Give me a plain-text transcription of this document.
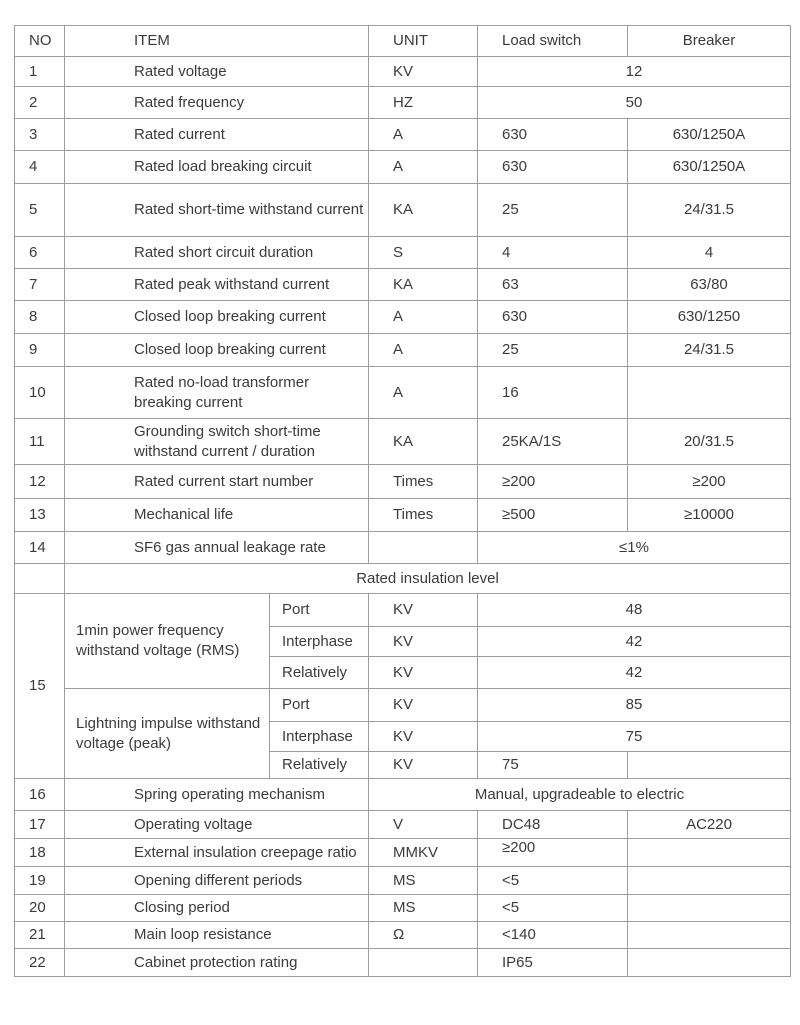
NO	ITEM		UNIT	Load switch	Breaker
1	Rated voltage		KV	12	
2	Rated frequency		HZ	50	
3	Rated current		A	630	630/1250A
4	Rated load breaking circuit		A	630	630/1250A
5	Rated short-time withstand current		KA	25	24/31.5
6	Rated short circuit duration		S	4	4
7	Rated peak withstand current		KA	63	63/80
8	Closed loop breaking current		A	630	630/1250
9	Closed loop breaking current		A	25	24/31.5
10	Rated no-load transformer breaking current		A	16	
11	Grounding switch short-time withstand current / duration		KA	25KA/1S	20/31.5
12	Rated current start number		Times	≥200	≥200
13	Mechanical life		Times	≥500	≥10000
14	SF6 gas annual leakage rate			≤1%	
	Rated insulation level				
15	1min power frequency withstand voltage (RMS)	Port	KV	48	
		Interphase	KV	42	
		Relatively	KV	42	
	Lightning impulse withstand voltage (peak)	Port	KV	85	
		Interphase	KV	75	
		Relatively	KV	75	
16	Spring operating mechanism		Manual, upgradeable to electric		
17	Operating voltage		V	DC48	AC220
18	External insulation creepage ratio		MMKV	≥200	
19	Opening different periods		MS	<5	
20	Closing period		MS	<5	
21	Main loop resistance		Ω	<140	
22	Cabinet protection rating			IP65	
